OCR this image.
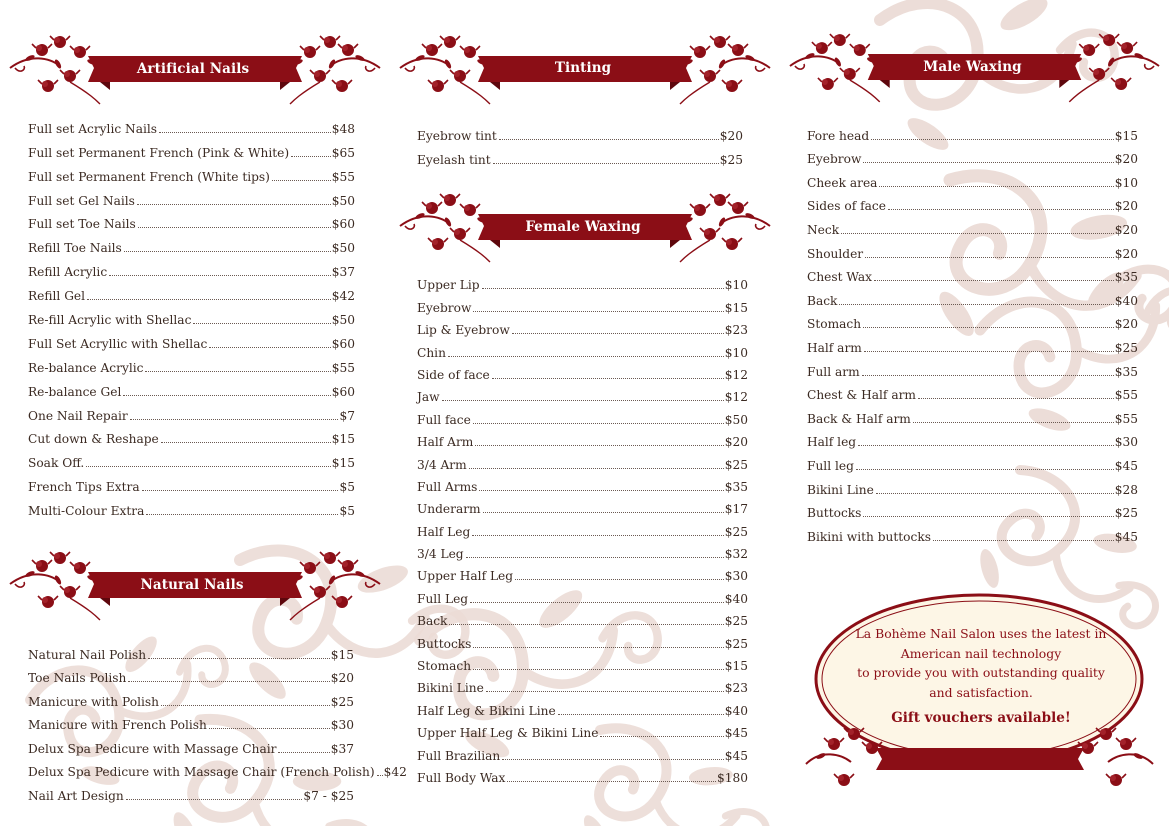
Artificial Nails
Full set Acrylic Nails	$48
Full set Permanent French (Pink & White)	$65
Full set Permanent French (White tips)	$55
Full set Gel Nails	$50
Full set Toe Nails	$60
Refill Toe Nails	$50
Refill Acrylic	$37
Refill Gel	$42
Re-fill Acrylic with Shellac	$50
Full Set Acryllic with Shellac	$60
Re-balance Acrylic	$55
Re-balance Gel	$60
One Nail Repair	$7
Cut down & Reshape	$15
Soak Off.	$15
French Tips Extra	$5
Multi-Colour Extra	$5
Natural Nails
Natural Nail Polish	$15
Toe Nails Polish	$20
Manicure with Polish	$25
Manicure with French Polish	$30
Delux Spa Pedicure with Massage Chair	$37
Delux Spa Pedicure with Massage Chair (French Polish) $42
Nail Art Design	$7 - $25
Tinting
Eyebrow tint	$20
Eyelash tint	$25
Female Waxing
Upper Lip	$10
Eyebrow	$15
Lip & Eyebrow	$23
Chin	$10
Side of face	$12
Jaw	$12
Full face	$50
Half Arm	$20
3/4 Arm	$25
Full Arms	$35
Underarm	$17
Half Leg	$25
3/4 Leg	$32
Upper Half Leg	$30
Full Leg	$40
Back	$25
Buttocks	$25
Stomach	$15
Bikini Line	$23
Half Leg & Bikini Line	$40
Upper Half Leg & Bikini Line	$45
Full Brazilian	$45
Full Body Wax	$180
Male Waxing
Fore head	$15
Eyebrow	$20
Cheek area	$10
Sides of face	$20
Neck	$20
Shoulder	$20
Chest Wax	$35
Back	$40
Stomach	$20
Half arm	$25
Full arm	$35
Chest & Half arm	$55
Back & Half arm	$55
Half leg	$30
Full leg	$45
Bikini Line	$28
Buttocks	$25
Bikini with buttocks	$45
La Bohème Nail Salon uses the latest in
American nail technology
to provide you with outstanding quality
and satisfaction.
Gift vouchers available!
